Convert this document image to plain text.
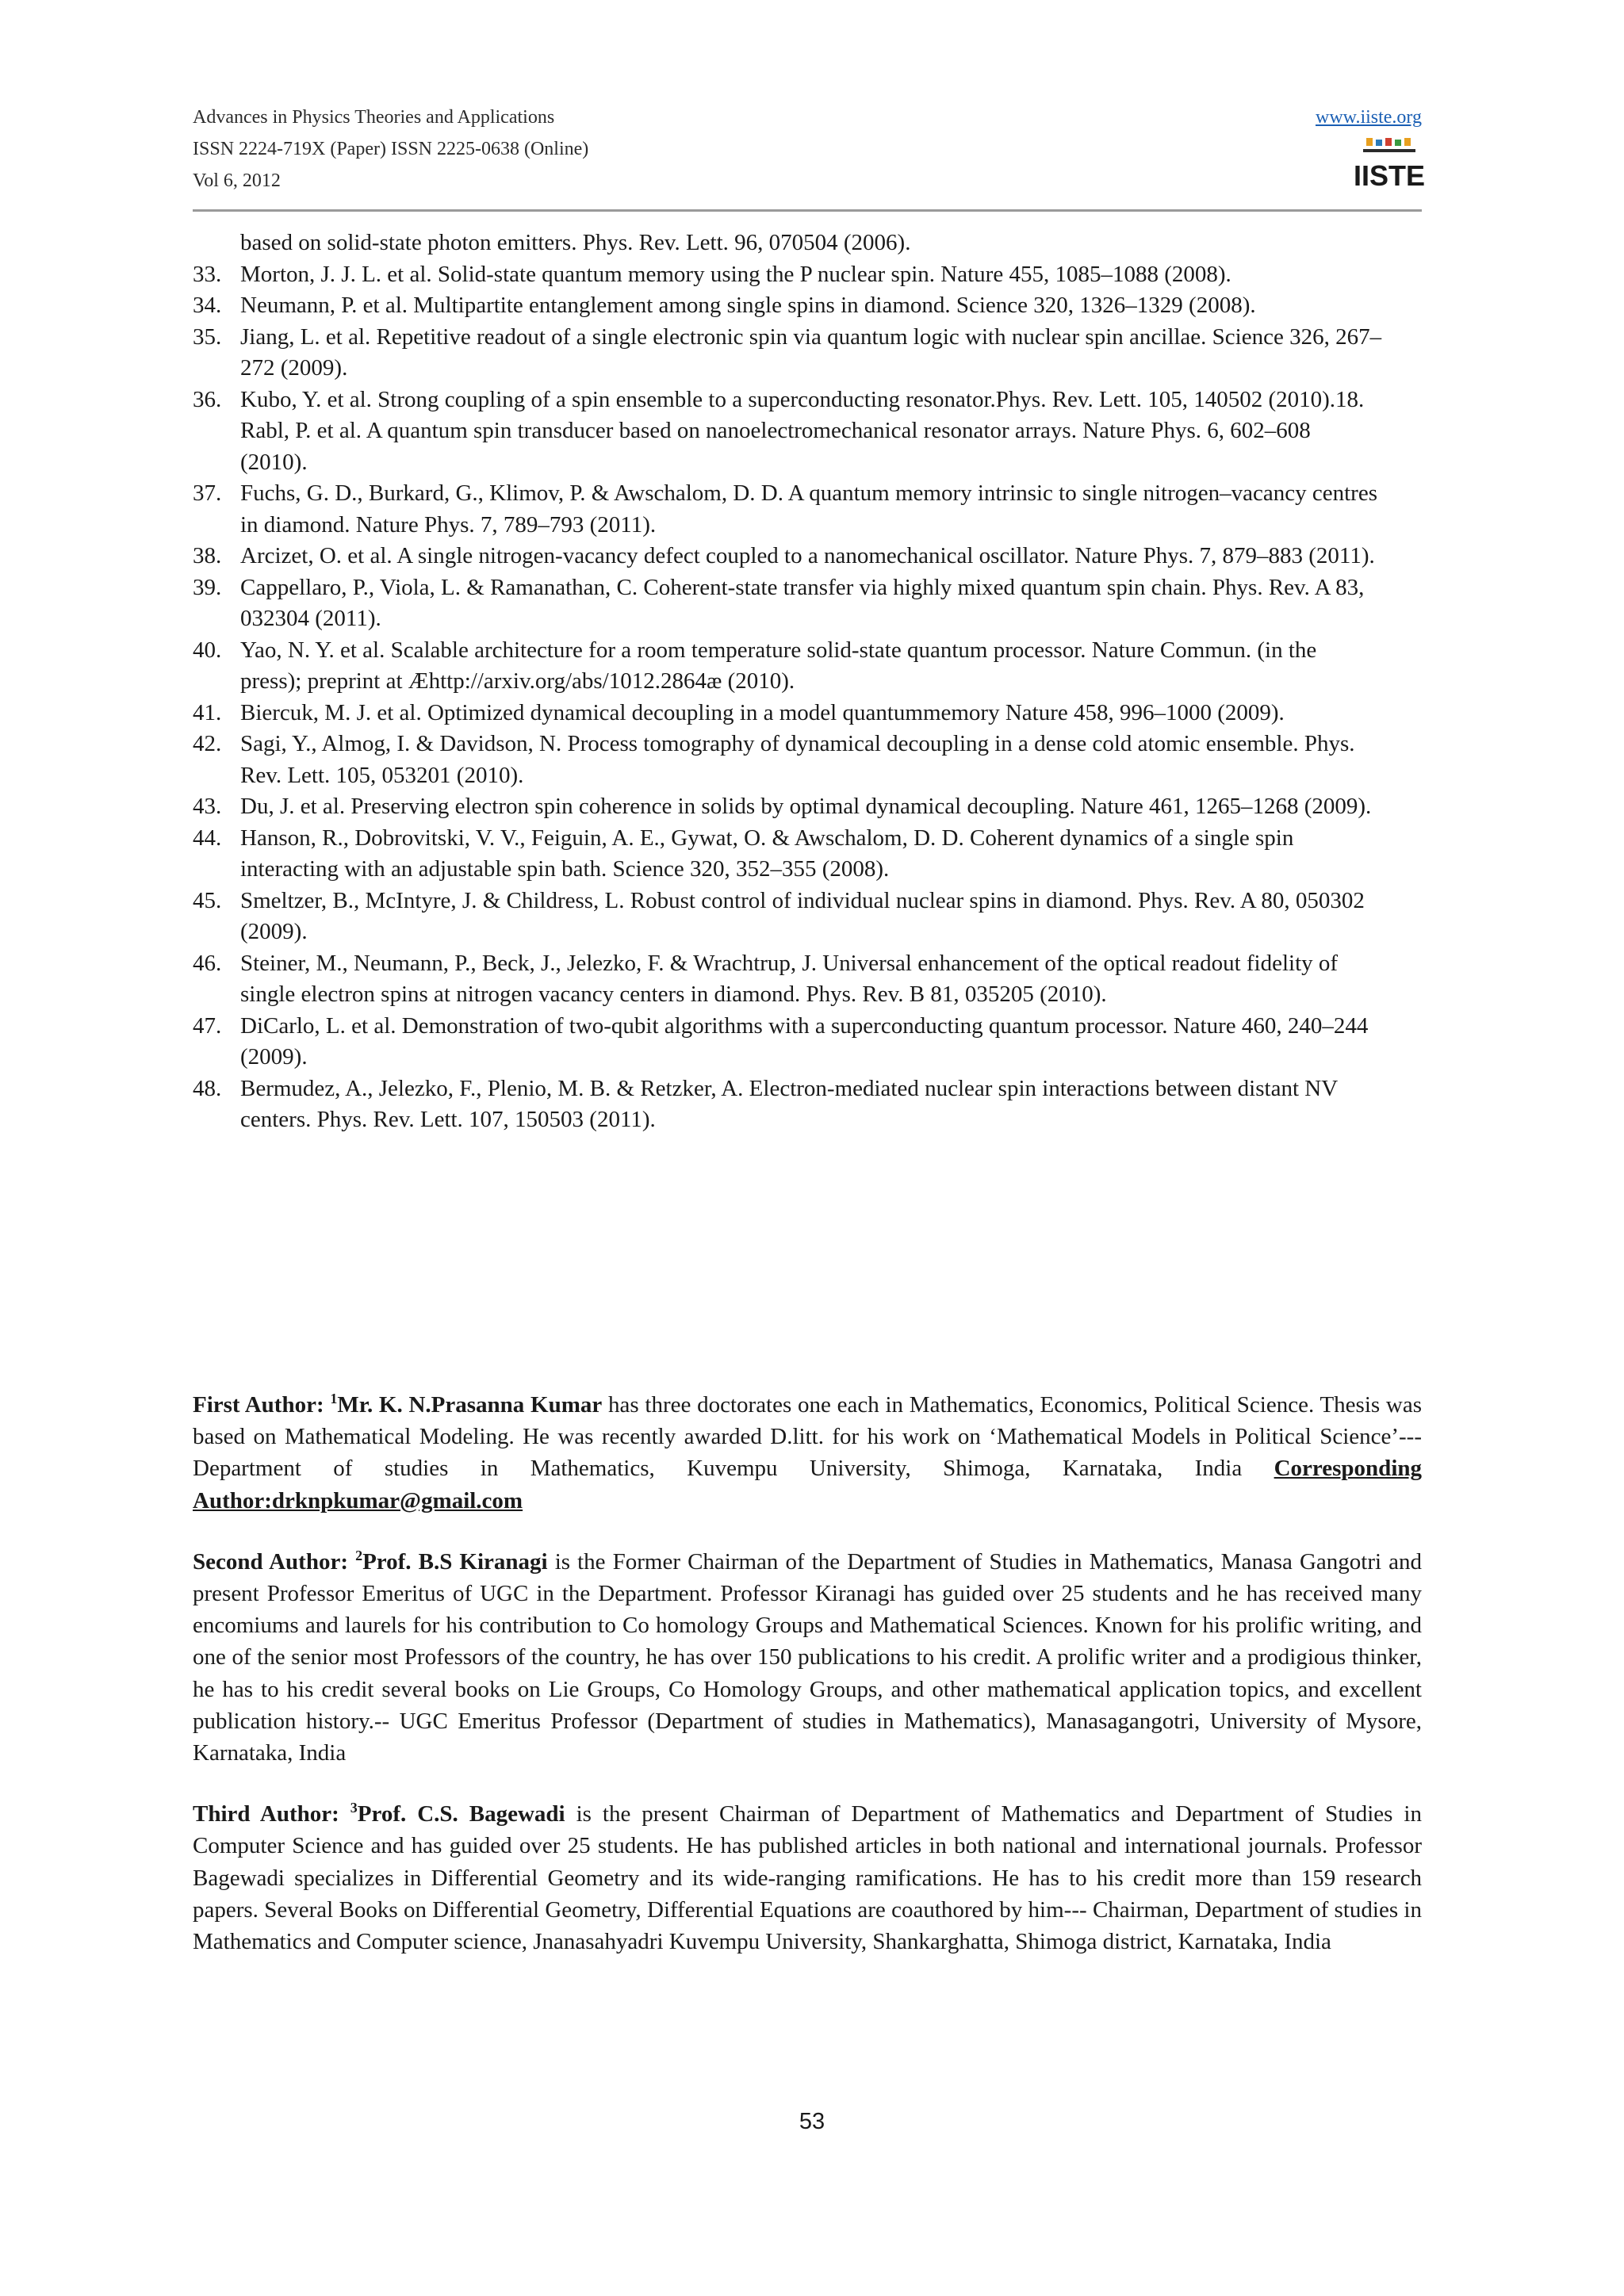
Advances in Physics Theories and Applications
ISSN 2224-719X (Paper) ISSN 2225-0638 (Online)
Vol 6, 2012
www.iiste.org
IISTE
based on solid-state photon emitters. Phys. Rev. Lett. 96, 070504 (2006).
33. Morton, J. J. L. et al. Solid-state quantum memory using the P nuclear spin. Nature 455, 1085–1088 (2008).
34. Neumann, P. et al. Multipartite entanglement among single spins in diamond. Science 320, 1326–1329 (2008).
35. Jiang, L. et al. Repetitive readout of a single electronic spin via quantum logic with nuclear spin ancillae. Science 326, 267–272 (2009).
36. Kubo, Y. et al. Strong coupling of a spin ensemble to a superconducting resonator.Phys. Rev. Lett. 105, 140502 (2010).18. Rabl, P. et al. A quantum spin transducer based on nanoelectromechanical resonator arrays. Nature Phys. 6, 602–608 (2010).
37. Fuchs, G. D., Burkard, G., Klimov, P. & Awschalom, D. D. A quantum memory intrinsic to single nitrogen–vacancy centres in diamond. Nature Phys. 7, 789–793 (2011).
38. Arcizet, O. et al. A single nitrogen-vacancy defect coupled to a nanomechanical oscillator. Nature Phys. 7, 879–883 (2011).
39. Cappellaro, P., Viola, L. & Ramanathan, C. Coherent-state transfer via highly mixed quantum spin chain. Phys. Rev. A 83, 032304 (2011).
40. Yao, N. Y. et al. Scalable architecture for a room temperature solid-state quantum processor. Nature Commun. (in the press); preprint at Æhttp://arxiv.org/abs/1012.2864æ (2010).
41. Biercuk, M. J. et al. Optimized dynamical decoupling in a model quantummemory Nature 458, 996–1000 (2009).
42. Sagi, Y., Almog, I. & Davidson, N. Process tomography of dynamical decoupling in a dense cold atomic ensemble. Phys. Rev. Lett. 105, 053201 (2010).
43. Du, J. et al. Preserving electron spin coherence in solids by optimal dynamical decoupling. Nature 461, 1265–1268 (2009).
44. Hanson, R., Dobrovitski, V. V., Feiguin, A. E., Gywat, O. & Awschalom, D. D. Coherent dynamics of a single spin interacting with an adjustable spin bath. Science 320, 352–355 (2008).
45. Smeltzer, B., McIntyre, J. & Childress, L. Robust control of individual nuclear spins in diamond. Phys. Rev. A 80, 050302 (2009).
46. Steiner, M., Neumann, P., Beck, J., Jelezko, F. & Wrachtrup, J. Universal enhancement of the optical readout fidelity of single electron spins at nitrogen vacancy centers in diamond. Phys. Rev. B 81, 035205 (2010).
47. DiCarlo, L. et al. Demonstration of two-qubit algorithms with a superconducting quantum processor. Nature 460, 240–244 (2009).
48. Bermudez, A., Jelezko, F., Plenio, M. B. & Retzker, A. Electron-mediated nuclear spin interactions between distant NV centers. Phys. Rev. Lett. 107, 150503 (2011).

First Author: $^1$Mr. K. N.Prasanna Kumar has three doctorates one each in Mathematics, Economics, Political Science. Thesis was based on Mathematical Modeling. He was recently awarded D.litt. for his work on ‘Mathematical Models in Political Science’--- Department of studies in Mathematics, Kuvempu University, Shimoga, Karnataka, India Corresponding Author:drknpkumar@gmail.com

Second Author: $^2$Prof. B.S Kiranagi is the Former Chairman of the Department of Studies in Mathematics, Manasa Gangotri and present Professor Emeritus of UGC in the Department. Professor Kiranagi has guided over 25 students and he has received many encomiums and laurels for his contribution to Co homology Groups and Mathematical Sciences. Known for his prolific writing, and one of the senior most Professors of the country, he has over 150 publications to his credit. A prolific writer and a prodigious thinker, he has to his credit several books on Lie Groups, Co Homology Groups, and other mathematical application topics, and excellent publication history.-- UGC Emeritus Professor (Department of studies in Mathematics), Manasagangotri, University of Mysore, Karnataka, India

Third Author: $^3$Prof. C.S. Bagewadi is the present Chairman of Department of Mathematics and Department of Studies in Computer Science and has guided over 25 students. He has published articles in both national and international journals. Professor Bagewadi specializes in Differential Geometry and its wide-ranging ramifications. He has to his credit more than 159 research papers. Several Books on Differential Geometry, Differential Equations are coauthored by him--- Chairman, Department of studies in Mathematics and Computer science, Jnanasahyadri Kuvempu University, Shankarghatta, Shimoga district, Karnataka, India

53
